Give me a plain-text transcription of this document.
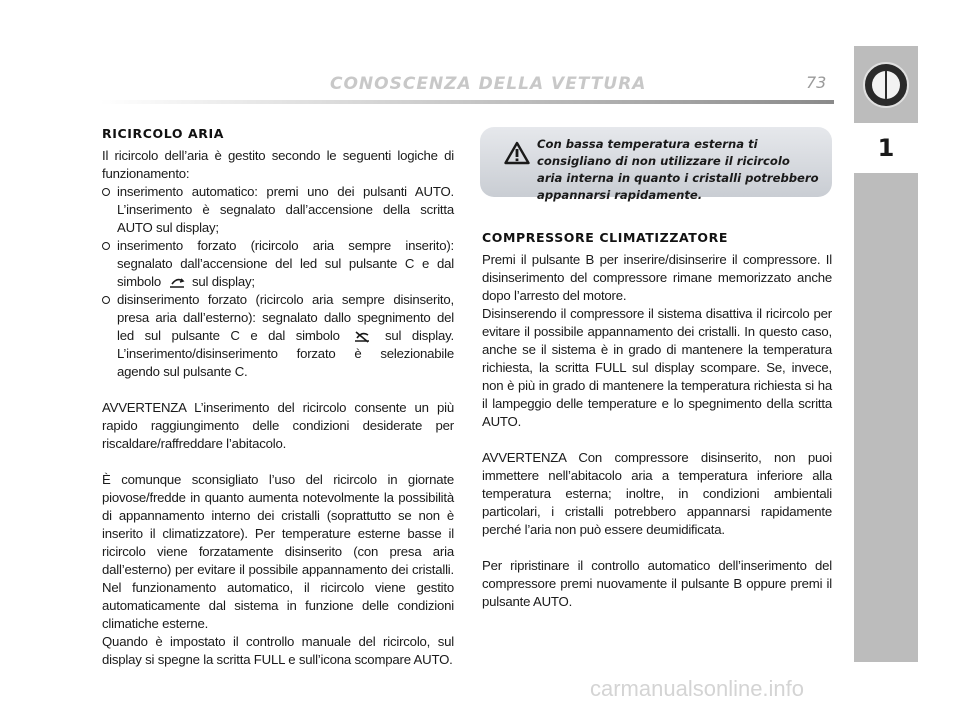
CONOSCENZA DELLA VETTURA	73
1
RICIRCOLO ARIA

Il ricircolo dell’aria è gestito secondo le seguenti logiche di funzionamento:

inserimento automatico: premi uno dei pulsanti AUTO. L’inserimento è segnalato dall’accensione della scritta AUTO sul display;

inserimento forzato (ricircolo aria sempre inserito): segnalato dall’accensione del led sul pulsante C e dal simbolo sul display;

disinserimento forzato (ricircolo aria sempre disinserito, presa aria dall’esterno): segnalato dallo spegnimento del led sul pulsante C e dal simbolo	sul display. L’inserimento/disinserimento forzato è selezionabile agendo sul pulsante C.

AVVERTENZA L’inserimento del ricircolo consente un più rapido raggiungimento delle condizioni desiderate per riscaldare/raffreddare l’abitacolo.

È comunque sconsigliato l’uso del ricircolo in giornate piovose/fredde in quanto aumenta notevolmente la possibilità di appannamento interno dei cristalli (soprattutto se non è inserito il climatizzatore). Per temperature esterne basse il ricircolo viene forzatamente disinserito (con presa aria dall’esterno) per evitare il possibile appannamento dei cristalli. Nel funzionamento automatico, il ricircolo viene gestito automaticamente dal sistema in funzione delle condizioni climatiche esterne.

Quando è impostato il controllo manuale del ricircolo, sul display si spegne la scritta FULL e sull’icona scompare AUTO.

Con bassa temperatura esterna ti consigliano di non utilizzare il ricircolo aria interna in quanto i cristalli potrebbero appannarsi rapidamente.
COMPRESSORE CLIMATIZZATORE

Premi il pulsante B per inserire/disinserire il compressore. Il disinserimento del compressore rimane memorizzato anche dopo l’arresto del motore.

Disinserendo il compressore il sistema disattiva il ricircolo per evitare il possibile appannamento dei cristalli. In questo caso, anche se il sistema è in grado di mantenere la temperatura richiesta, la scritta FULL sul display scompare. Se, invece, non è più in grado di mantenere la temperatura richiesta si ha il lampeggio delle temperature e lo spegnimento della scritta AUTO.

AVVERTENZA Con compressore disinserito, non puoi immettere nell’abitacolo aria a temperatura inferiore alla temperatura esterna; inoltre, in condizioni ambientali particolari, i cristalli potrebbero appannarsi rapidamente perché l’aria non può essere deumidificata.

Per ripristinare il controllo automatico dell’inserimento del compressore premi nuovamente il pulsante B oppure premi il pulsante AUTO.

carmanualsonline.info
